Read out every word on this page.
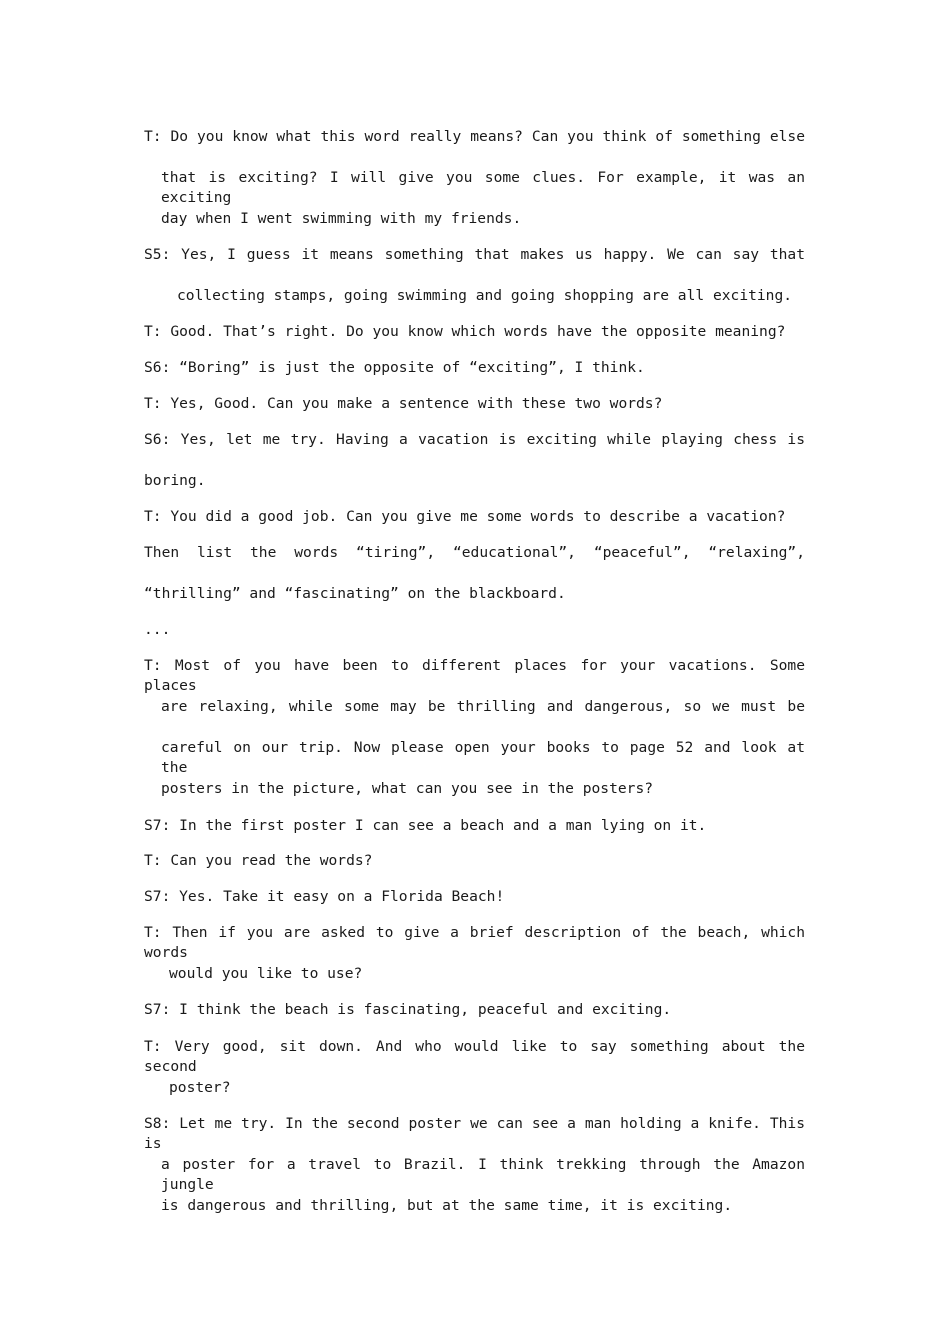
T: Do you know what this word really means? Can you think of something else
that is exciting? I will give you some clues. For example, it was an exciting
day when I went swimming with my friends.
S5: Yes, I guess it means something that makes us happy. We can say that
collecting stamps, going swimming and going shopping are all exciting.
T: Good. That’s right. Do you know which words have the opposite meaning?
S6: “Boring” is just the opposite of “exciting”, I think.
T: Yes, Good. Can you make a sentence with these two words?
S6: Yes, let me try. Having a vacation is exciting while playing chess is
boring.
T: You did a good job. Can you give me some words to describe a vacation?
Then list the words “tiring”, “educational”, “peaceful”, “relaxing”,
“thrilling” and “fascinating” on the blackboard.
...
T: Most of you have been to different places for your vacations. Some places
are relaxing, while some may be thrilling and dangerous, so we must be
careful on our trip. Now please open your books to page 52 and look at the
posters in the picture, what can you see in the posters?
S7: In the first poster I can see a beach and a man lying on it.
T: Can you read the words?
S7: Yes. Take it easy on a Florida Beach!
T: Then if you are asked to give a brief description of the beach, which words
would you like to use?
S7: I think the beach is fascinating, peaceful and exciting.
T: Very good, sit down. And who would like to say something about the second
poster?
S8: Let me try. In the second poster we can see a man holding a knife. This is
a poster for a travel to Brazil. I think trekking through the Amazon jungle
is dangerous and thrilling, but at the same time, it is exciting.
